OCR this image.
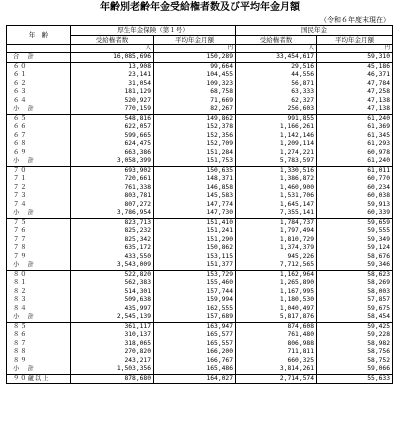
年齢別老齢年金受給権者数及び平均年金月額
（令和６年度末現在）
年　齢	厚生年金保険（第１号）		国民年金	
	受給権者数	平均年金月額	受給権者数	平均年金月額
	人	円	人	円
合　計	16,085,696	150,289	33,454,617	59,310
６０	13,908	99,664	29,516	45,186
６１	23,141	104,455	44,556	46,371
６２	31,054	109,323	56,871	47,784
６３	181,129	68,758	63,333	47,258
６４	520,927	71,669	62,327	47,138
小　計	770,159	82,267	256,603	47,138
６５	548,816	149,862	991,855	61,240
６６	622,057	152,378	1,166,261	61,369
６７	599,665	152,356	1,142,146	61,345
６８	624,475	152,709	1,209,114	61,293
６９	663,386	151,284	1,274,221	60,978
小　計	3,058,399	151,753	5,783,597	61,240
７０	693,902	150,635	1,330,516	61,011
７１	720,661	148,371	1,386,872	60,770
７２	761,338	146,858	1,460,900	60,234
７３	803,781	145,583	1,531,706	60,038
７４	807,272	147,774	1,645,147	59,913
小　計	3,786,954	147,730	7,355,141	60,339
７５	823,713	151,410	1,784,737	59,659
７６	825,232	151,241	1,797,494	59,555
７７	825,342	151,290	1,810,729	59,349
７８	635,172	150,862	1,374,379	59,124
７９	433,550	153,115	945,226	58,676
小　計	3,543,009	151,377	7,712,565	59,346
８０	522,820	153,729	1,162,964	58,623
８１	562,383	155,460	1,265,890	58,269
８２	514,301	157,744	1,167,995	58,003
８３	509,638	159,994	1,180,530	57,857
８４	435,997	162,555	1,040,497	59,675
小　計	2,545,139	157,689	5,817,876	58,454
８５	361,117	163,947	874,608	59,425
８６	310,137	165,577	761,480	59,228
８７	318,065	165,557	806,988	58,982
８８	270,820	166,200	711,811	58,756
８９	243,217	166,767	660,325	58,752
小　計	1,503,356	165,486	3,814,261	59,066
９０歳以上	878,680	164,027	2,714,574	55,633
